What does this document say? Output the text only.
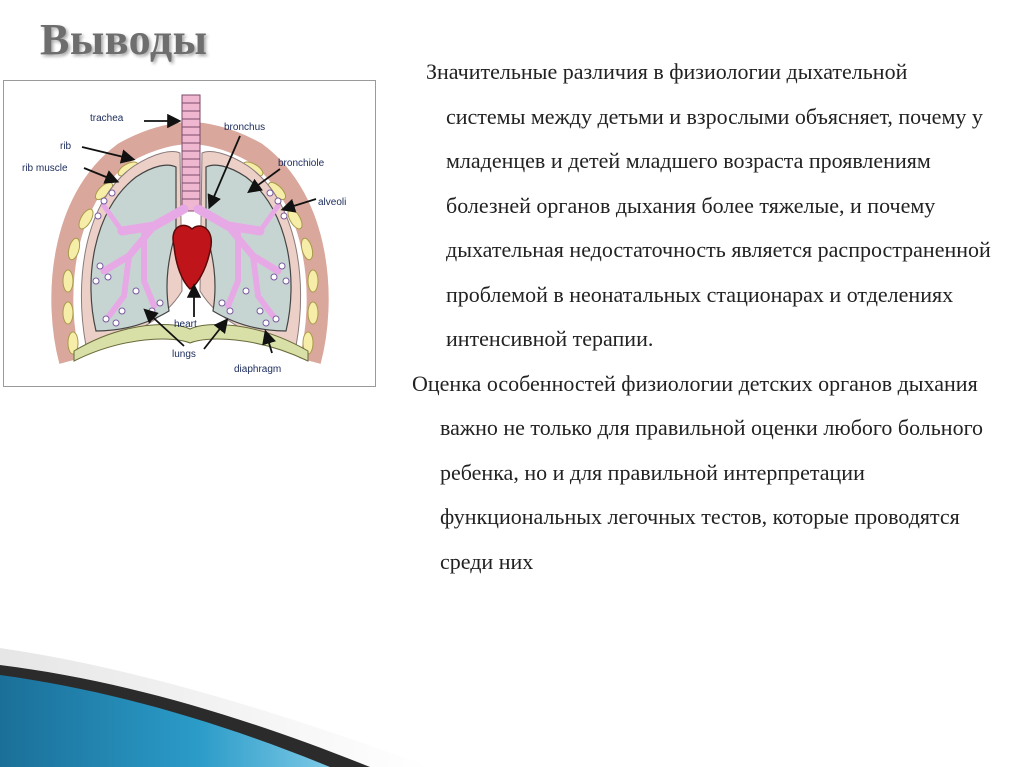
Выводы
trachea
bronchus
rib
bronchiole
rib muscle
alveoli
heart
lungs
diaphragm

Значительные различия в физиологии дыхательной системы между детьми и взрослыми объясняет, почему у младенцев и детей младшего возраста проявлениям болезней органов дыхания более тяжелые, и почему дыхательная недостаточность является распространенной проблемой в неонатальных стационарах и отделениях интенсивной терапии.

Оценка особенностей физиологии детских органов дыхания важно не только для правильной оценки любого больного ребенка, но и для правильной интерпретации функциональных легочных тестов, которые проводятся среди них
